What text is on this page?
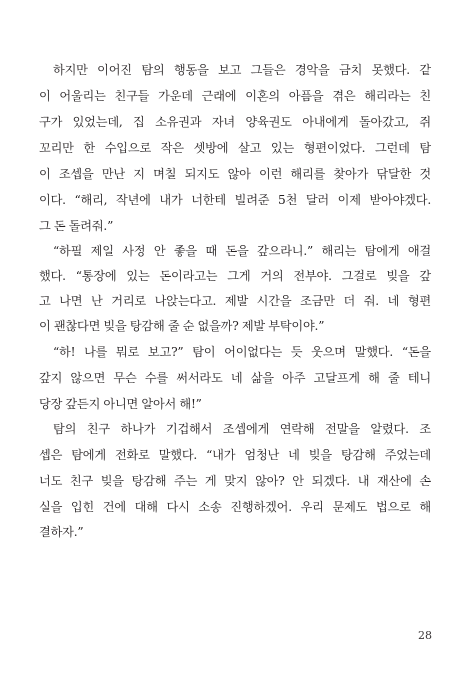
하지만 이어진 탐의 행동을 보고 그들은 경악을 금치 못했다. 같

이 어울리는 친구들 가운데 근래에 이혼의 아픔을 겪은 해리라는 친

구가 있었는데, 집 소유권과 자녀 양육권도 아내에게 돌아갔고, 쥐

꼬리만 한 수입으로 작은 셋방에 살고 있는 형편이었다. 그런데 탐

이 조셉을 만난 지 며칠 되지도 않아 이런 해리를 찾아가 닦달한 것

이다. “해리, 작년에 내가 너한테 빌려준 5천 달러 이제 받아야겠다.

그 돈 돌려줘.”

“하필 제일 사정 안 좋을 때 돈을 갚으라니.” 해리는 탐에게 애걸

했다. “통장에 있는 돈이라고는 그게 거의 전부야. 그걸로 빚을 갚

고 나면 난 거리로 나앉는다고. 제발 시간을 조금만 더 줘. 네 형편

이 괜찮다면 빚을 탕감해 줄 순 없을까? 제발 부탁이야.”

“하! 나를 뭐로 보고?” 탐이 어이없다는 듯 웃으며 말했다. “돈을

갚지 않으면 무슨 수를 써서라도 네 삶을 아주 고달프게 해 줄 테니

당장 갚든지 아니면 알아서 해!”

탐의 친구 하나가 기겁해서 조셉에게 연락해 전말을 알렸다. 조

셉은 탐에게 전화로 말했다. “내가 엄청난 네 빚을 탕감해 주었는데

너도 친구 빚을 탕감해 주는 게 맞지 않아? 안 되겠다. 내 재산에 손

실을 입힌 건에 대해 다시 소송 진행하겠어. 우리 문제도 법으로 해

결하자.”

28
